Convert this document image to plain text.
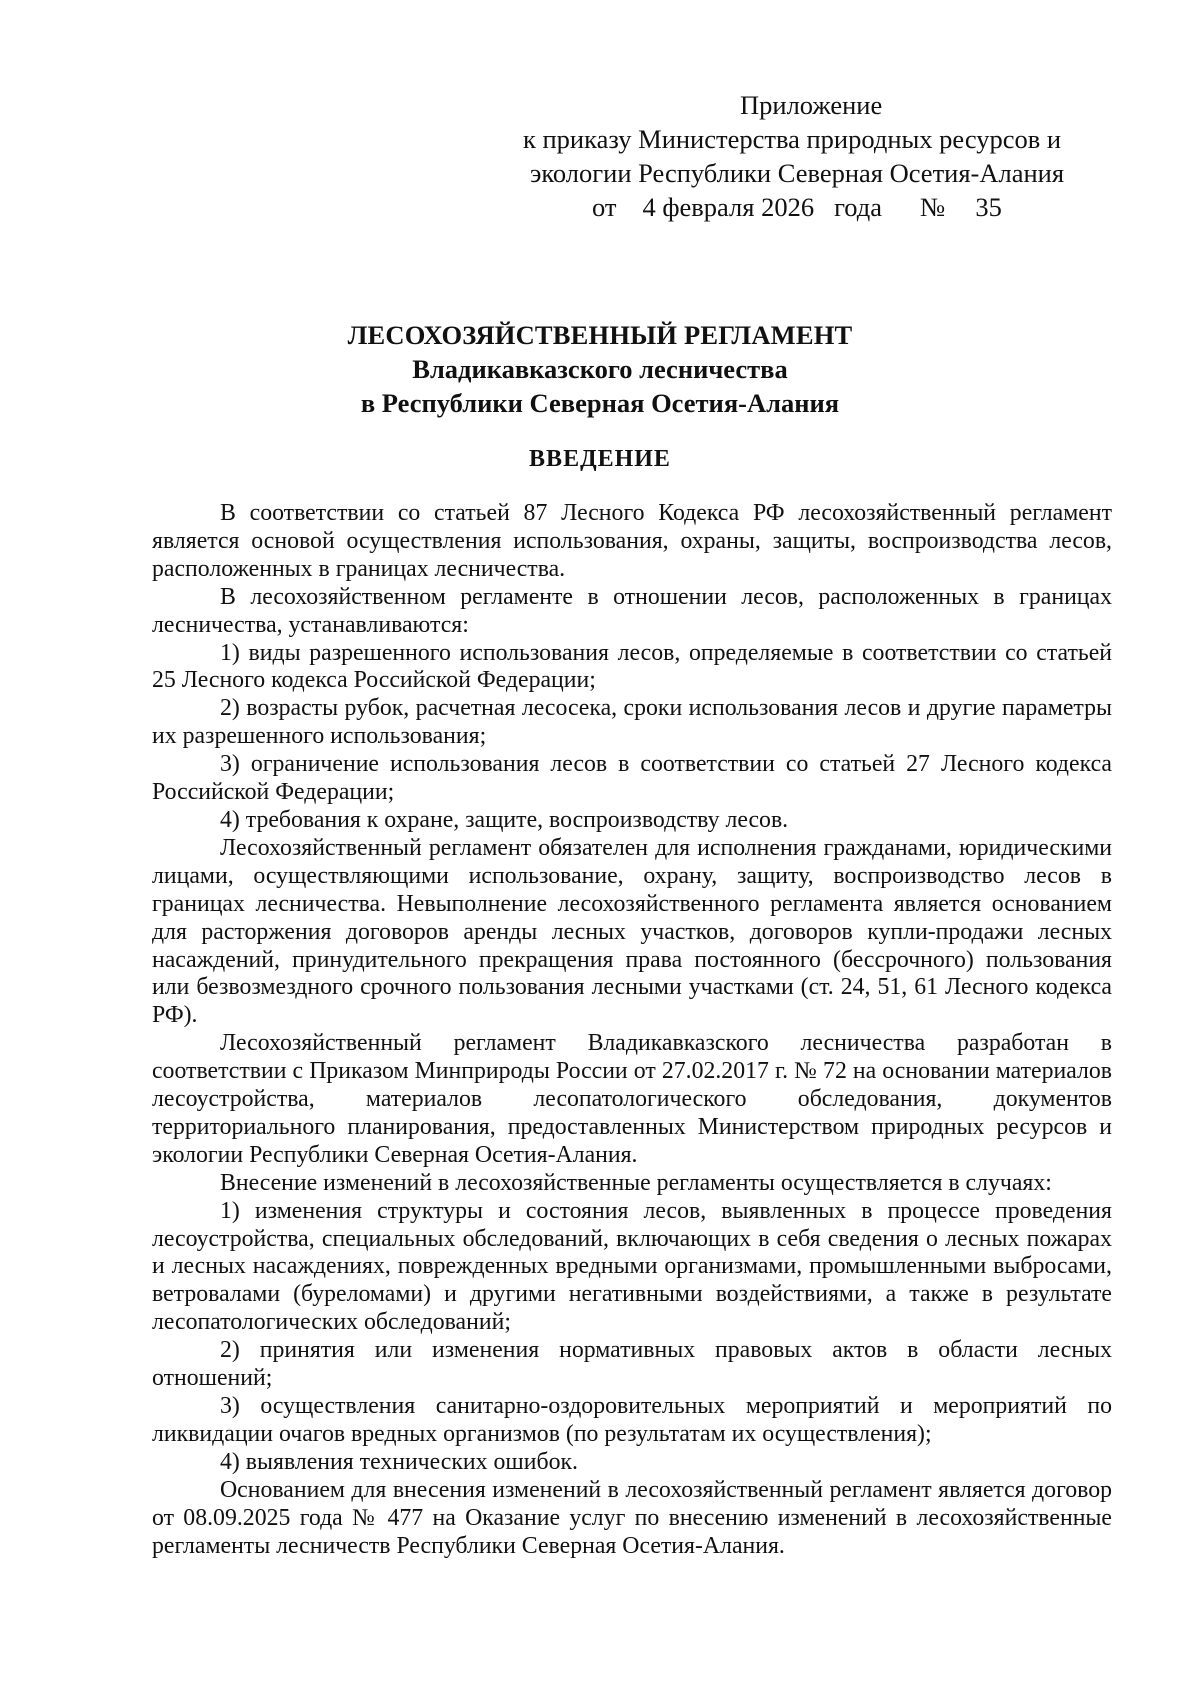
Приложение
к приказу Министерства природных ресурсов и
экологии Республики Северная Осетия-Алания
от 4 февраля 2026 года № 35
ЛЕСОХОЗЯЙСТВЕННЫЙ РЕГЛАМЕНТ
Владикавказского лесничества
в Республики Северная Осетия-Алания
ВВЕДЕНИЕ

В соответствии со статьей 87 Лесного Кодекса РФ лесохозяйственный регламент является основой осуществления использования, охраны, защиты, воспроизводства лесов, расположенных в границах лесничества.

В лесохозяйственном регламенте в отношении лесов, расположенных в границах лесничества, устанавливаются:

1) виды разрешенного использования лесов, определяемые в соответствии со статьей 25 Лесного кодекса Российской Федерации;

2) возрасты рубок, расчетная лесосека, сроки использования лесов и другие параметры их разрешенного использования;

3) ограничение использования лесов в соответствии со статьей 27 Лесного кодекса Российской Федерации;

4) требования к охране, защите, воспроизводству лесов.

Лесохозяйственный регламент обязателен для исполнения гражданами, юридическими лицами, осуществляющими использование, охрану, защиту, воспроизводство лесов в границах лесничества. Невыполнение лесохозяйственного регламента является основанием для расторжения договоров аренды лесных участков, договоров купли-продажи лесных насаждений, принудительного прекращения права постоянного (бессрочного) пользования или безвозмездного срочного пользования лесными участками (ст. 24, 51, 61 Лесного кодекса РФ).

Лесохозяйственный регламент Владикавказского лесничества разработан в соответствии с Приказом Минприроды России от 27.02.2017 г. № 72 на основании материалов лесоустройства, материалов лесопатологического обследования, документов территориального планирования, предоставленных Министерством природных ресурсов и экологии Республики Северная Осетия-Алания.

Внесение изменений в лесохозяйственные регламенты осуществляется в случаях:

1) изменения структуры и состояния лесов, выявленных в процессе проведения лесоустройства, специальных обследований, включающих в себя сведения о лесных пожарах и лесных насаждениях, поврежденных вредными организмами, промышленными выбросами, ветровалами (буреломами) и другими негативными воздействиями, а также в результате лесопатологических обследований;

2) принятия или изменения нормативных правовых актов в области лесных отношений;

3) осуществления санитарно-оздоровительных мероприятий и мероприятий по ликвидации очагов вредных организмов (по результатам их осуществления);

4) выявления технических ошибок.

Основанием для внесения изменений в лесохозяйственный регламент является договор от 08.09.2025 года № 477 на Оказание услуг по внесению изменений в лесохозяйственные регламенты лесничеств Республики Северная Осетия-Алания.
